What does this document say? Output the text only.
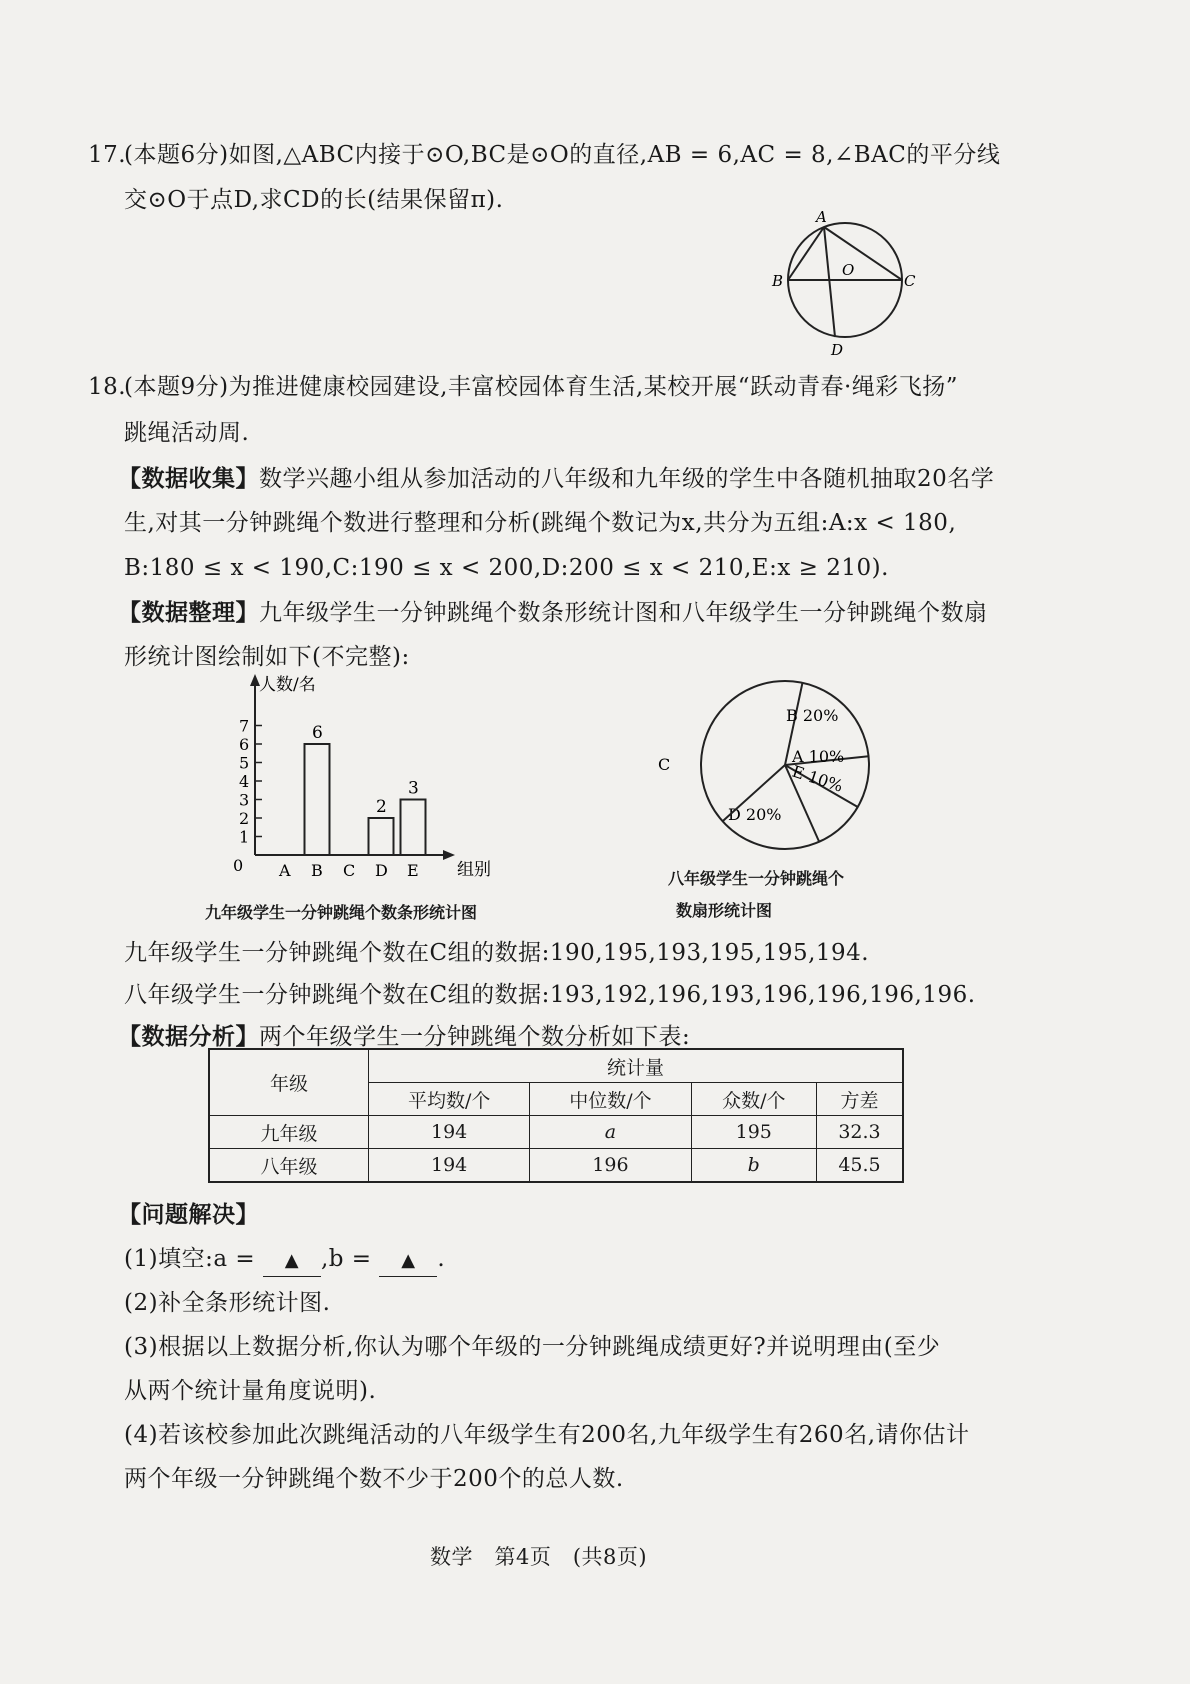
17.
(本题6分)如图,△ABC内接于⊙O,BC是⊙O的直径,AB = 6,AC = 8,∠BAC的平分线
交⊙O于点D,求CD的长(结果保留π).
A
B	C
O
D
18.
(本题9分)为推进健康校园建设,丰富校园体育生活,某校开展“跃动青春·绳彩飞扬”
跳绳活动周.
【数据收集】数学兴趣小组从参加活动的八年级和九年级的学生中各随机抽取20名学
生,对其一分钟跳绳个数进行整理和分析(跳绳个数记为x,共分为五组:A:x < 180,
B:180 ≤ x < 190,C:190 ≤ x < 200,D:200 ≤ x < 210,E:x ≥ 210).
【数据整理】九年级学生一分钟跳绳个数条形统计图和八年级学生一分钟跳绳个数扇
形统计图绘制如下(不完整):
人数/名
组别
0
1
2
3
4
5
6
7
A B
6
C D
2
E
3
九年级学生一分钟跳绳个数条形统计图
B 20%
A 10%
E 10%
D 20%
C
八年级学生一分钟跳绳个
数扇形统计图
九年级学生一分钟跳绳个数在C组的数据:190,195,193,195,195,194.
八年级学生一分钟跳绳个数在C组的数据:193,192,196,193,196,196,196,196.
【数据分析】两个年级学生一分钟跳绳个数分析如下表:
年级	统计量			
	平均数/个	中位数/个	众数/个	方差
九年级	194	a	195	32.3
八年级	194	196	b	45.5
【问题解决】
(1)填空:a = ▲ ,b = ▲ .
(2)补全条形统计图.
(3)根据以上数据分析,你认为哪个年级的一分钟跳绳成绩更好?并说明理由(至少
从两个统计量角度说明).
(4)若该校参加此次跳绳活动的八年级学生有200名,九年级学生有260名,请你估计
两个年级一分钟跳绳个数不少于200个的总人数.
数学　第4页　(共8页)
